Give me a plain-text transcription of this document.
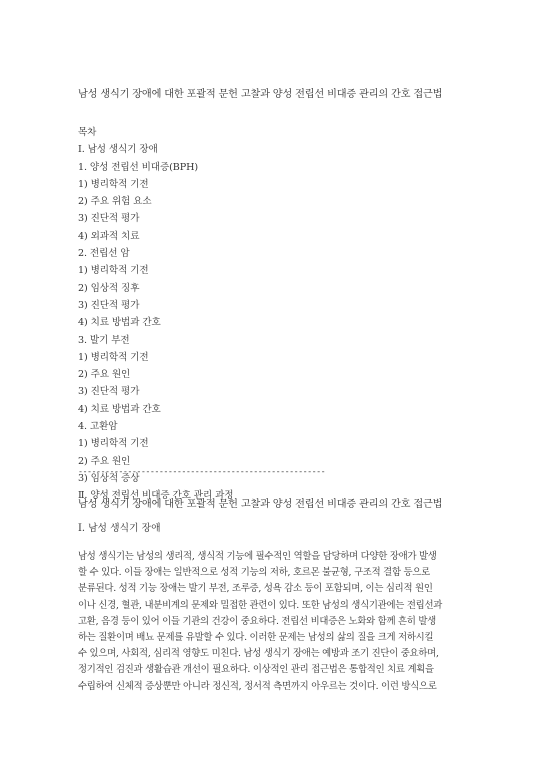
남성 생식기 장애에 대한 포괄적 문헌 고찰과 양성 전립선 비대증 관리의 간호 접근법
목차
Ⅰ. 남성 생식기 장애
1. 양성 전립선 비대증(BPH)
1) 병리학적 기전
2) 주요 위험 요소
3) 진단적 평가
4) 외과적 치료
2. 전립선 암
1) 병리학적 기전
2) 임상적 징후
3) 진단적 평가
4) 치료 방법과 간호
3. 발기 부전
1) 병리학적 기전
2) 주요 원인
3) 진단적 평가
4) 치료 방법과 간호
4. 고환암
1) 병리학적 기전
2) 주요 원인
3) 임상적 증상
Ⅱ. 양성 전립선 비대증 간호 관리 과정
-------------------------------------------------------
남성 생식기 장애에 대한 포괄적 문헌 고찰과 양성 전립선 비대증 관리의 간호 접근법
Ⅰ. 남성 생식기 장애
남성 생식기는 남성의 생리적, 생식적 기능에 필수적인 역할을 담당하며 다양한 장애가 발생
할 수 있다. 이들 장애는 일반적으로 성적 기능의 저하, 호르몬 불균형, 구조적 결함 등으로
분류된다. 성적 기능 장애는 발기 부전, 조루증, 성욕 감소 등이 포함되며, 이는 심리적 원인
이나 신경, 혈관, 내분비계의 문제와 밀접한 관련이 있다. 또한 남성의 생식기관에는 전립선과
고환, 음경 등이 있어 이들 기관의 건강이 중요하다. 전립선 비대증은 노화와 함께 흔히 발생
하는 질환이며 배뇨 문제를 유발할 수 있다. 이러한 문제는 남성의 삶의 질을 크게 저하시킬
수 있으며, 사회적, 심리적 영향도 미친다. 남성 생식기 장애는 예방과 조기 진단이 중요하며,
정기적인 검진과 생활습관 개선이 필요하다. 이상적인 관리 접근법은 통합적인 치료 계획을
수립하여 신체적 증상뿐만 아니라 정신적, 정서적 측면까지 아우르는 것이다. 이런 방식으로
